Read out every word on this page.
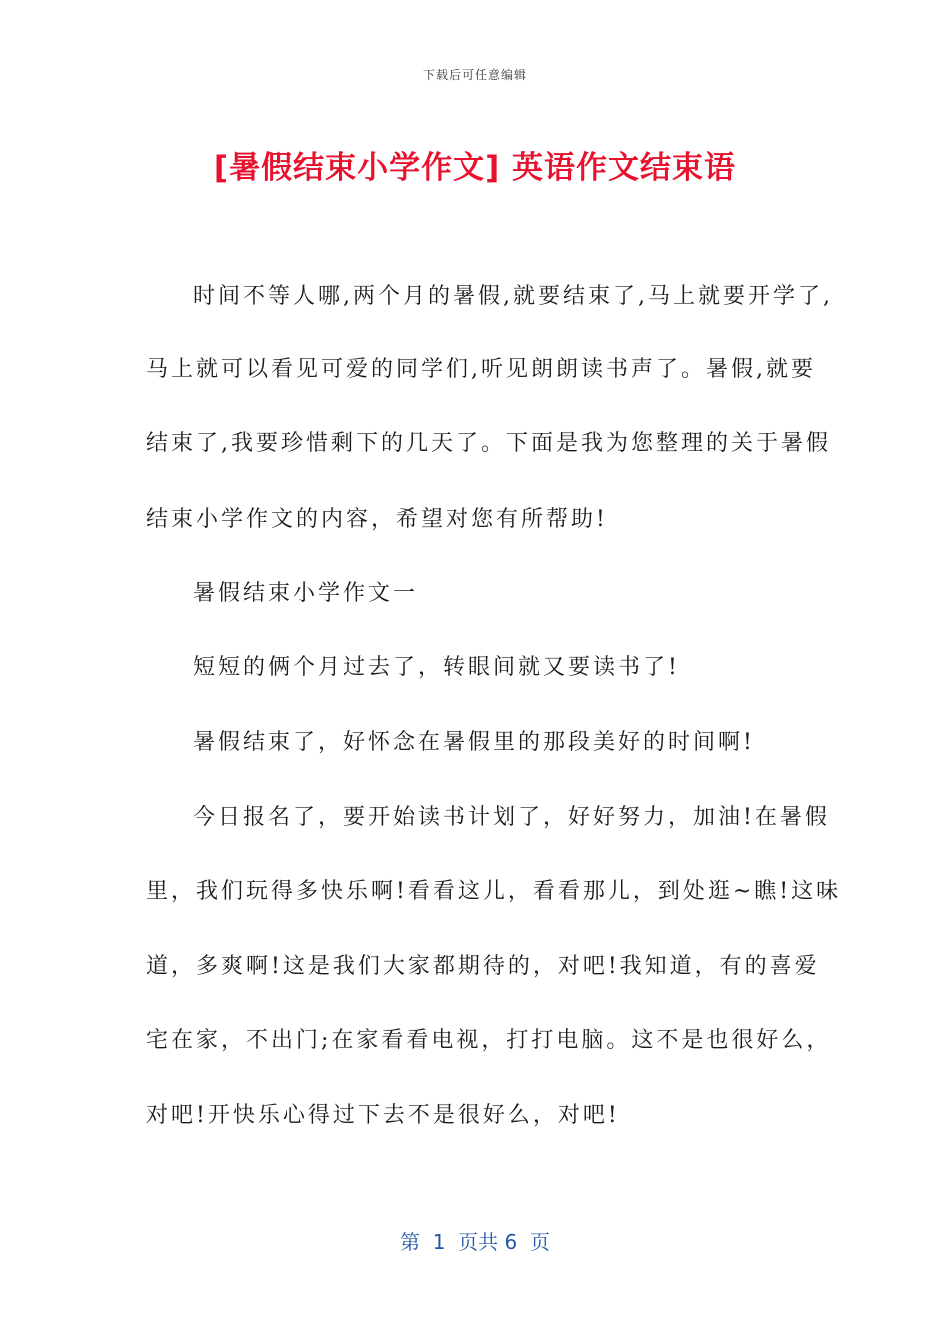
下载后可任意编辑
[暑假结束小学作文] 英语作文结束语
时间不等人哪,两个月的暑假,就要结束了,马上就要开学了,
马上就可以看见可爱的同学们,听见朗朗读书声了。暑假,就要
结束了,我要珍惜剩下的几天了。下面是我为您整理的关于暑假
结束小学作文的内容，希望对您有所帮助!
暑假结束小学作文一
短短的俩个月过去了，转眼间就又要读书了!
暑假结束了，好怀念在暑假里的那段美好的时间啊!
今日报名了，要开始读书计划了，好好努力，加油!在暑假
里，我们玩得多快乐啊!看看这儿，看看那儿，到处逛~瞧!这味
道，多爽啊!这是我们大家都期待的，对吧!我知道，有的喜爱
宅在家，不出门;在家看看电视，打打电脑。这不是也很好么，
对吧!开快乐心得过下去不是很好么，对吧!
第  1  页共 6  页
